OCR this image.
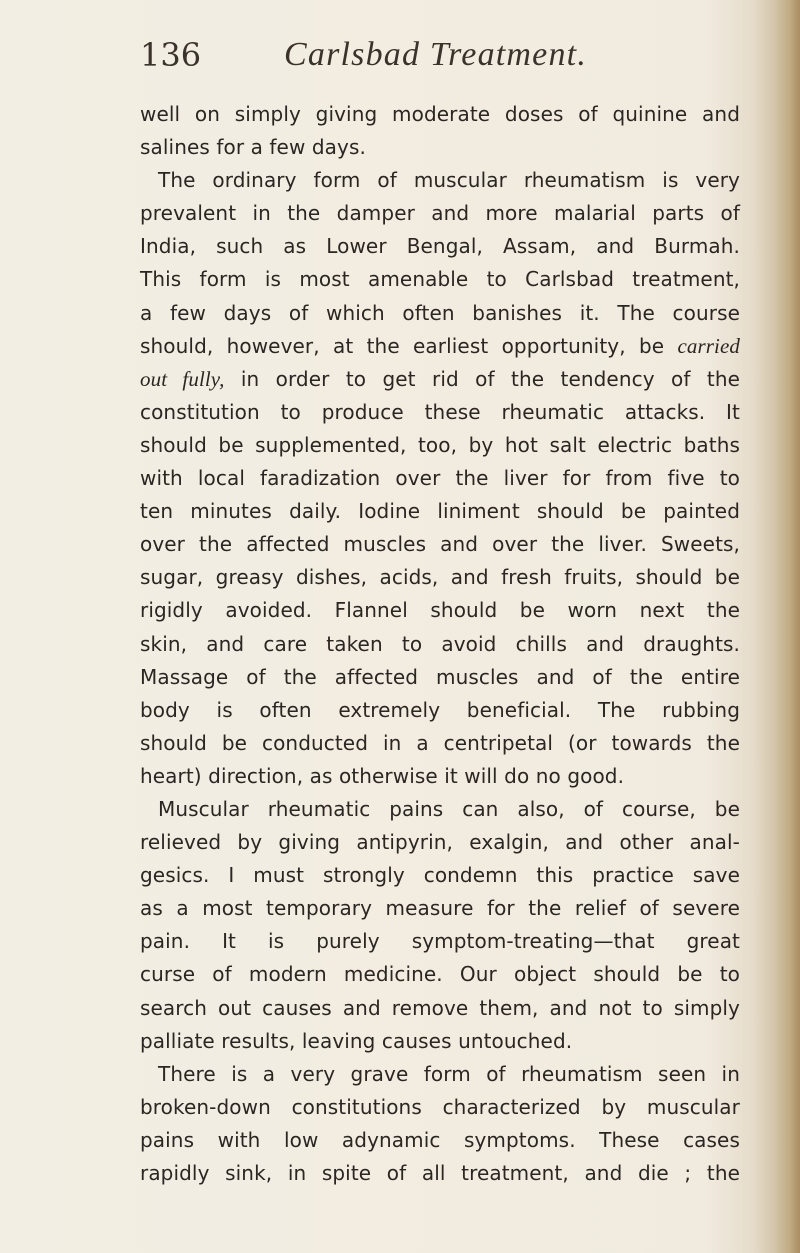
136 Carlsbad Treatment.
well on simply giving moderate doses of quinine and
salines for a few days.
The ordinary form of muscular rheumatism is very
prevalent in the damper and more malarial parts of
India, such as Lower Bengal, Assam, and Burmah.
This form is most amenable to Carlsbad treatment,
a few days of which often banishes it. The course
should, however, at the earliest opportunity, be carried
out fully, in order to get rid of the tendency of the
constitution to produce these rheumatic attacks. It
should be supplemented, too, by hot salt electric baths
with local faradization over the liver for from five to
ten minutes daily. Iodine liniment should be painted
over the affected muscles and over the liver. Sweets,
sugar, greasy dishes, acids, and fresh fruits, should be
rigidly avoided. Flannel should be worn next the
skin, and care taken to avoid chills and draughts.
Massage of the affected muscles and of the entire
body is often extremely beneficial. The rubbing
should be conducted in a centripetal (or towards the
heart) direction, as otherwise it will do no good.
Muscular rheumatic pains can also, of course, be
relieved by giving antipyrin, exalgin, and other anal-
gesics. I must strongly condemn this practice save
as a most temporary measure for the relief of severe
pain. It is purely symptom-treating—that great
curse of modern medicine. Our object should be to
search out causes and remove them, and not to simply
palliate results, leaving causes untouched.
There is a very grave form of rheumatism seen in
broken-down constitutions characterized by muscular
pains with low adynamic symptoms. These cases
rapidly sink, in spite of all treatment, and die ; the
